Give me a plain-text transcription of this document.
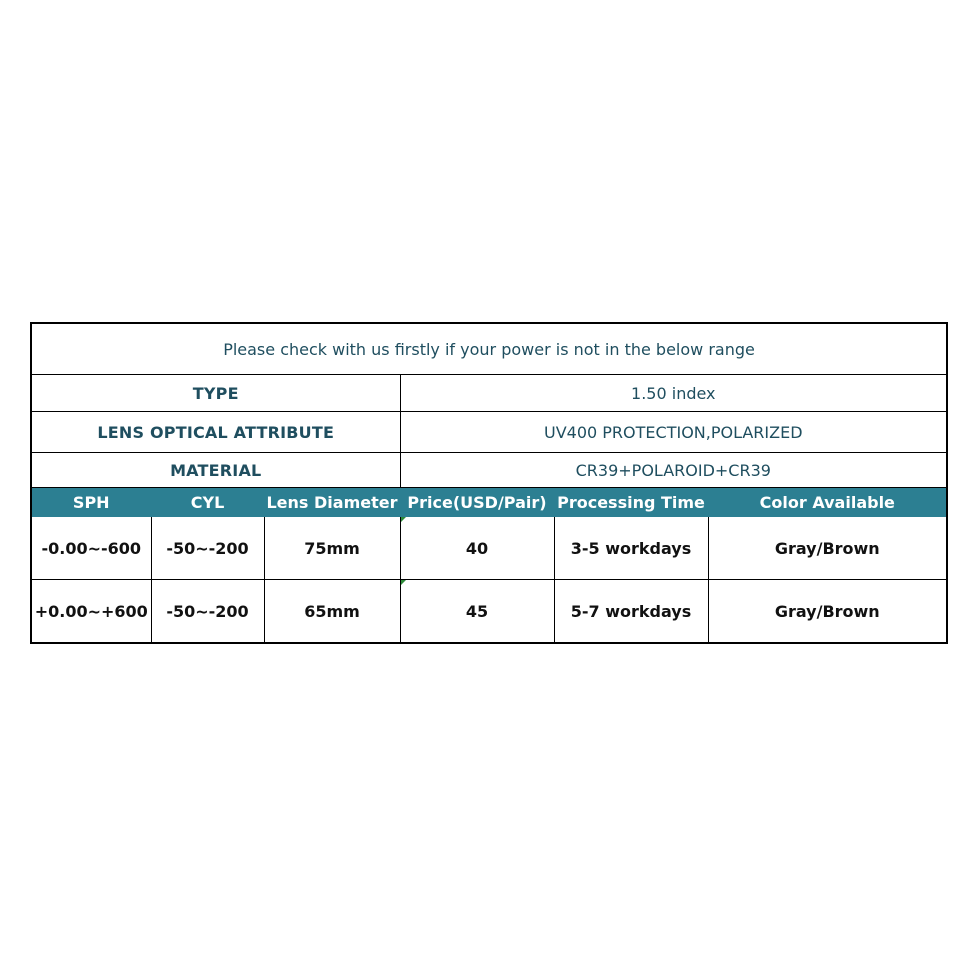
Please check with us firstly if your power is not in the below range					
TYPE			1.50 index		
LENS OPTICAL ATTRIBUTE			UV400 PROTECTION,POLARIZED		
MATERIAL			CR39+POLAROID+CR39		
SPH	CYL	Lens Diameter	Price(USD/Pair)	Processing Time	Color Available
-0.00~-600	-50~-200	75mm	40	3-5 workdays	Gray/Brown
+0.00~+600	-50~-200	65mm	45	5-7 workdays	Gray/Brown
